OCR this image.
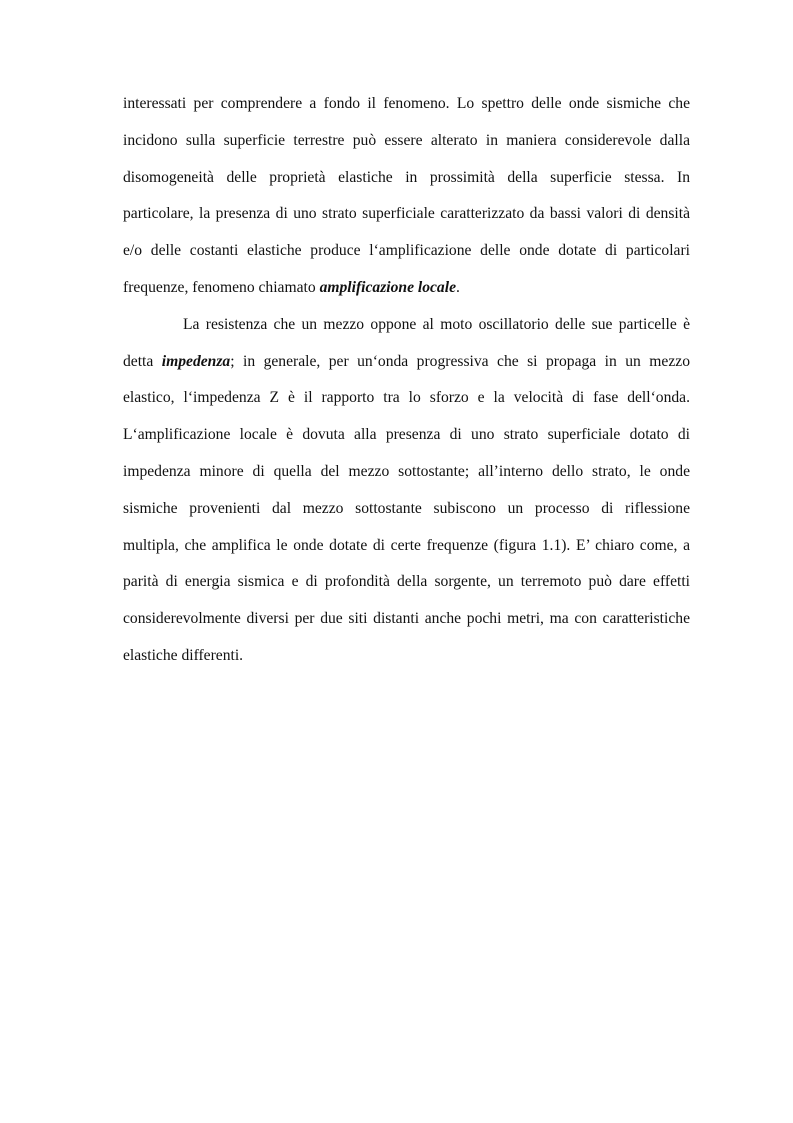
interessati per comprendere a fondo il fenomeno. Lo spettro delle onde sismiche che
incidono sulla superficie terrestre può essere alterato in maniera considerevole dalla
disomogeneità delle proprietà elastiche in prossimità della superficie stessa. In
particolare, la presenza di uno strato superficiale caratterizzato da bassi valori di densità
e/o delle costanti elastiche produce l‘amplificazione delle onde dotate di particolari
frequenze, fenomeno chiamato amplificazione locale.
La resistenza che un mezzo oppone al moto oscillatorio delle sue particelle è
detta impedenza; in generale, per un‘onda progressiva che si propaga in un mezzo
elastico, l‘impedenza Z è il rapporto tra lo sforzo e la velocità di fase dell‘onda.
L‘amplificazione locale è dovuta alla presenza di uno strato superficiale dotato di
impedenza minore di quella del mezzo sottostante; all’interno dello strato, le onde
sismiche provenienti dal mezzo sottostante subiscono un processo di riflessione
multipla, che amplifica le onde dotate di certe frequenze (figura 1.1). E’ chiaro come, a
parità di energia sismica e di profondità della sorgente, un terremoto può dare effetti
considerevolmente diversi per due siti distanti anche pochi metri, ma con caratteristiche
elastiche differenti.
